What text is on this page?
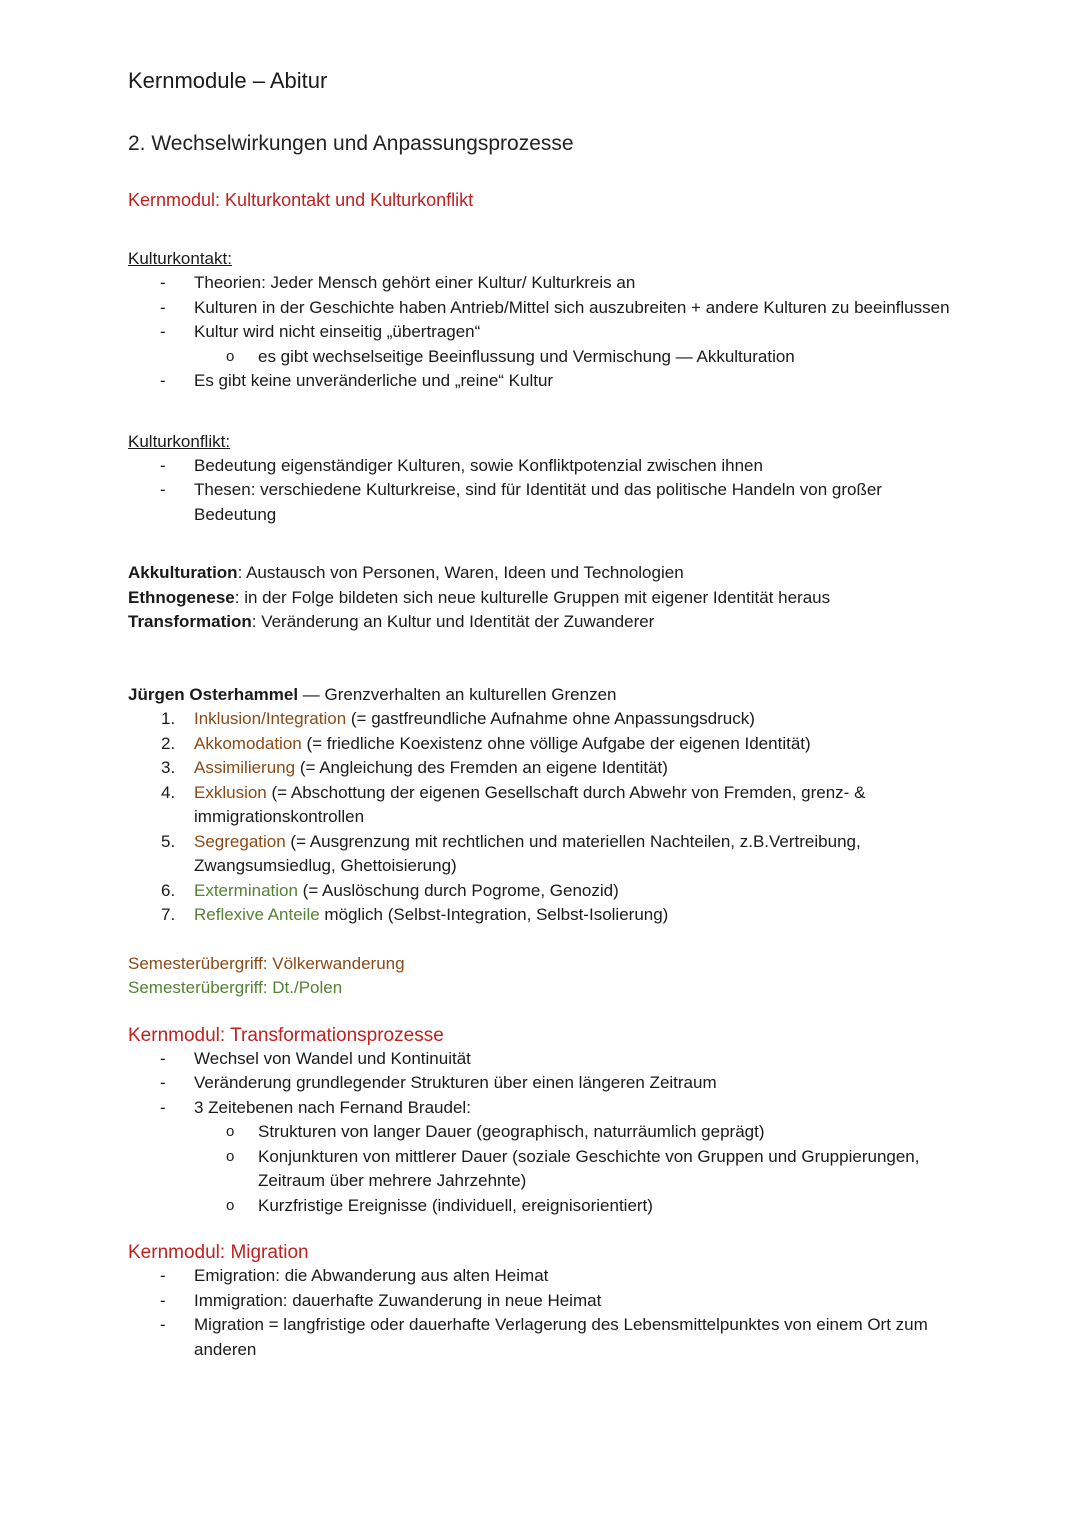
Kernmodule – Abitur
2. Wechselwirkungen und Anpassungsprozesse
Kernmodul: Kulturkontakt und Kulturkonflikt
Kulturkontakt:
- Theorien: Jeder Mensch gehört einer Kultur/ Kulturkreis an
- Kulturen in der Geschichte haben Antrieb/Mittel sich auszubreiten + andere Kulturen zu beeinflussen
- Kultur wird nicht einseitig „übertragen“
o es gibt wechselseitige Beeinflussung und Vermischung — Akkulturation
- Es gibt keine unveränderliche und „reine“ Kultur
Kulturkonflikt:
- Bedeutung eigenständiger Kulturen, sowie Konfliktpotenzial zwischen ihnen
- Thesen: verschiedene Kulturkreise, sind für Identität und das politische Handeln von großer Bedeutung
Akkulturation: Austausch von Personen, Waren, Ideen und Technologien
Ethnogenese: in der Folge bildeten sich neue kulturelle Gruppen mit eigener Identität heraus
Transformation: Veränderung an Kultur und Identität der Zuwanderer
Jürgen Osterhammel — Grenzverhalten an kulturellen Grenzen
1. Inklusion/Integration (= gastfreundliche Aufnahme ohne Anpassungsdruck)
2. Akkomodation (= friedliche Koexistenz ohne völlige Aufgabe der eigenen Identität)
3. Assimilierung (= Angleichung des Fremden an eigene Identität)
4. Exklusion (= Abschottung der eigenen Gesellschaft durch Abwehr von Fremden, grenz- & immigrationskontrollen
5. Segregation (= Ausgrenzung mit rechtlichen und materiellen Nachteilen, z.B.Vertreibung, Zwangsumsiedlug, Ghettoisierung)
6. Extermination (= Auslöschung durch Pogrome, Genozid)
7. Reflexive Anteile möglich (Selbst-Integration, Selbst-Isolierung)
Semesterübergriff: Völkerwanderung
Semesterübergriff: Dt./Polen
Kernmodul: Transformationsprozesse
- Wechsel von Wandel und Kontinuität
- Veränderung grundlegender Strukturen über einen längeren Zeitraum
- 3 Zeitebenen nach Fernand Braudel:
o Strukturen von langer Dauer (geographisch, naturräumlich geprägt)
o Konjunkturen von mittlerer Dauer (soziale Geschichte von Gruppen und Gruppierungen, Zeitraum über mehrere Jahrzehnte)
o Kurzfristige Ereignisse (individuell, ereignisorientiert)
Kernmodul: Migration
- Emigration: die Abwanderung aus alten Heimat
- Immigration: dauerhafte Zuwanderung in neue Heimat
- Migration = langfristige oder dauerhafte Verlagerung des Lebensmittelpunktes von einem Ort zum anderen
